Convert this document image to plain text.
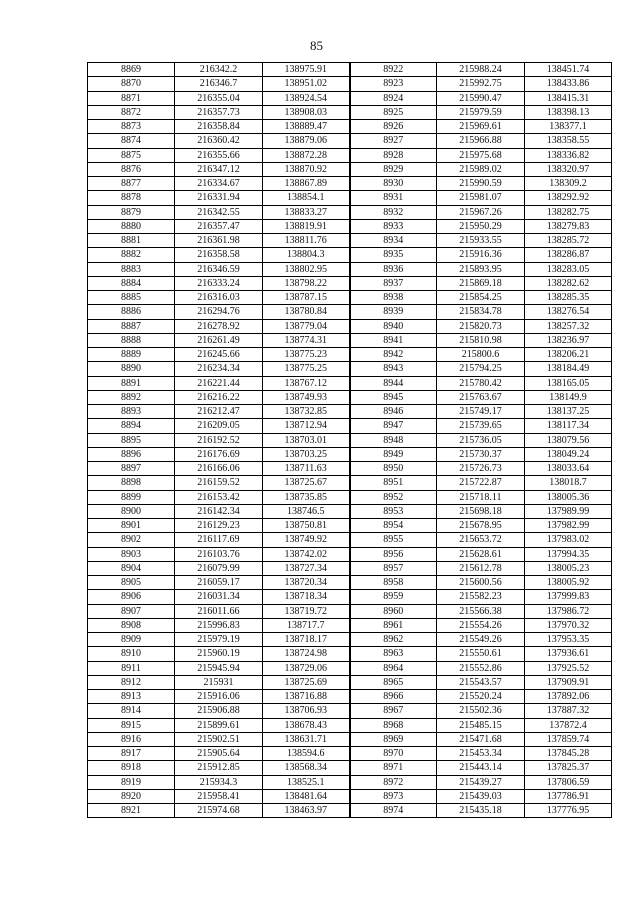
85
8869	216342.2	138975.91	8922	215988.24	138451.74
8870	216346.7	138951.02	8923	215992.75	138433.86
8871	216355.04	138924.54	8924	215990.47	138415.31
8872	216357.73	138908.03	8925	215979.59	138398.13
8873	216358.84	138889.47	8926	215969.61	138377.1
8874	216360.42	138879.06	8927	215966.88	138358.55
8875	216355.66	138872.28	8928	215975.68	138336.82
8876	216347.12	138870.92	8929	215989.02	138320.97
8877	216334.67	138867.89	8930	215990.59	138309.2
8878	216331.94	138854.1	8931	215981.07	138292.92
8879	216342.55	138833.27	8932	215967.26	138282.75
8880	216357.47	138819.91	8933	215950.29	138279.83
8881	216361.98	138811.76	8934	215933.55	138285.72
8882	216358.58	138804.3	8935	215916.36	138286.87
8883	216346.59	138802.95	8936	215893.95	138283.05
8884	216333.24	138798.22	8937	215869.18	138282.62
8885	216316.03	138787.15	8938	215854.25	138285.35
8886	216294.76	138780.84	8939	215834.78	138276.54
8887	216278.92	138779.04	8940	215820.73	138257.32
8888	216261.49	138774.31	8941	215810.98	138236.97
8889	216245.66	138775.23	8942	215800.6	138206.21
8890	216234.34	138775.25	8943	215794.25	138184.49
8891	216221.44	138767.12	8944	215780.42	138165.05
8892	216216.22	138749.93	8945	215763.67	138149.9
8893	216212.47	138732.85	8946	215749.17	138137.25
8894	216209.05	138712.94	8947	215739.65	138117.34
8895	216192.52	138703.01	8948	215736.05	138079.56
8896	216176.69	138703.25	8949	215730.37	138049.24
8897	216166.06	138711.63	8950	215726.73	138033.64
8898	216159.52	138725.67	8951	215722.87	138018.7
8899	216153.42	138735.85	8952	215718.11	138005.36
8900	216142.34	138746.5	8953	215698.18	137989.99
8901	216129.23	138750.81	8954	215678.95	137982.99
8902	216117.69	138749.92	8955	215653.72	137983.02
8903	216103.76	138742.02	8956	215628.61	137994.35
8904	216079.99	138727.34	8957	215612.78	138005.23
8905	216059.17	138720.34	8958	215600.56	138005.92
8906	216031.34	138718.34	8959	215582.23	137999.83
8907	216011.66	138719.72	8960	215566.38	137986.72
8908	215996.83	138717.7	8961	215554.26	137970.32
8909	215979.19	138718.17	8962	215549.26	137953.35
8910	215960.19	138724.98	8963	215550.61	137936.61
8911	215945.94	138729.06	8964	215552.86	137925.52
8912	215931	138725.69	8965	215543.57	137909.91
8913	215916.06	138716.88	8966	215520.24	137892.06
8914	215906.88	138706.93	8967	215502.36	137887.32
8915	215899.61	138678.43	8968	215485.15	137872.4
8916	215902.51	138631.71	8969	215471.68	137859.74
8917	215905.64	138594.6	8970	215453.34	137845.28
8918	215912.85	138568.34	8971	215443.14	137825.37
8919	215934.3	138525.1	8972	215439.27	137806.59
8920	215958.41	138481.64	8973	215439.03	137786.91
8921	215974.68	138463.97	8974	215435.18	137776.95
